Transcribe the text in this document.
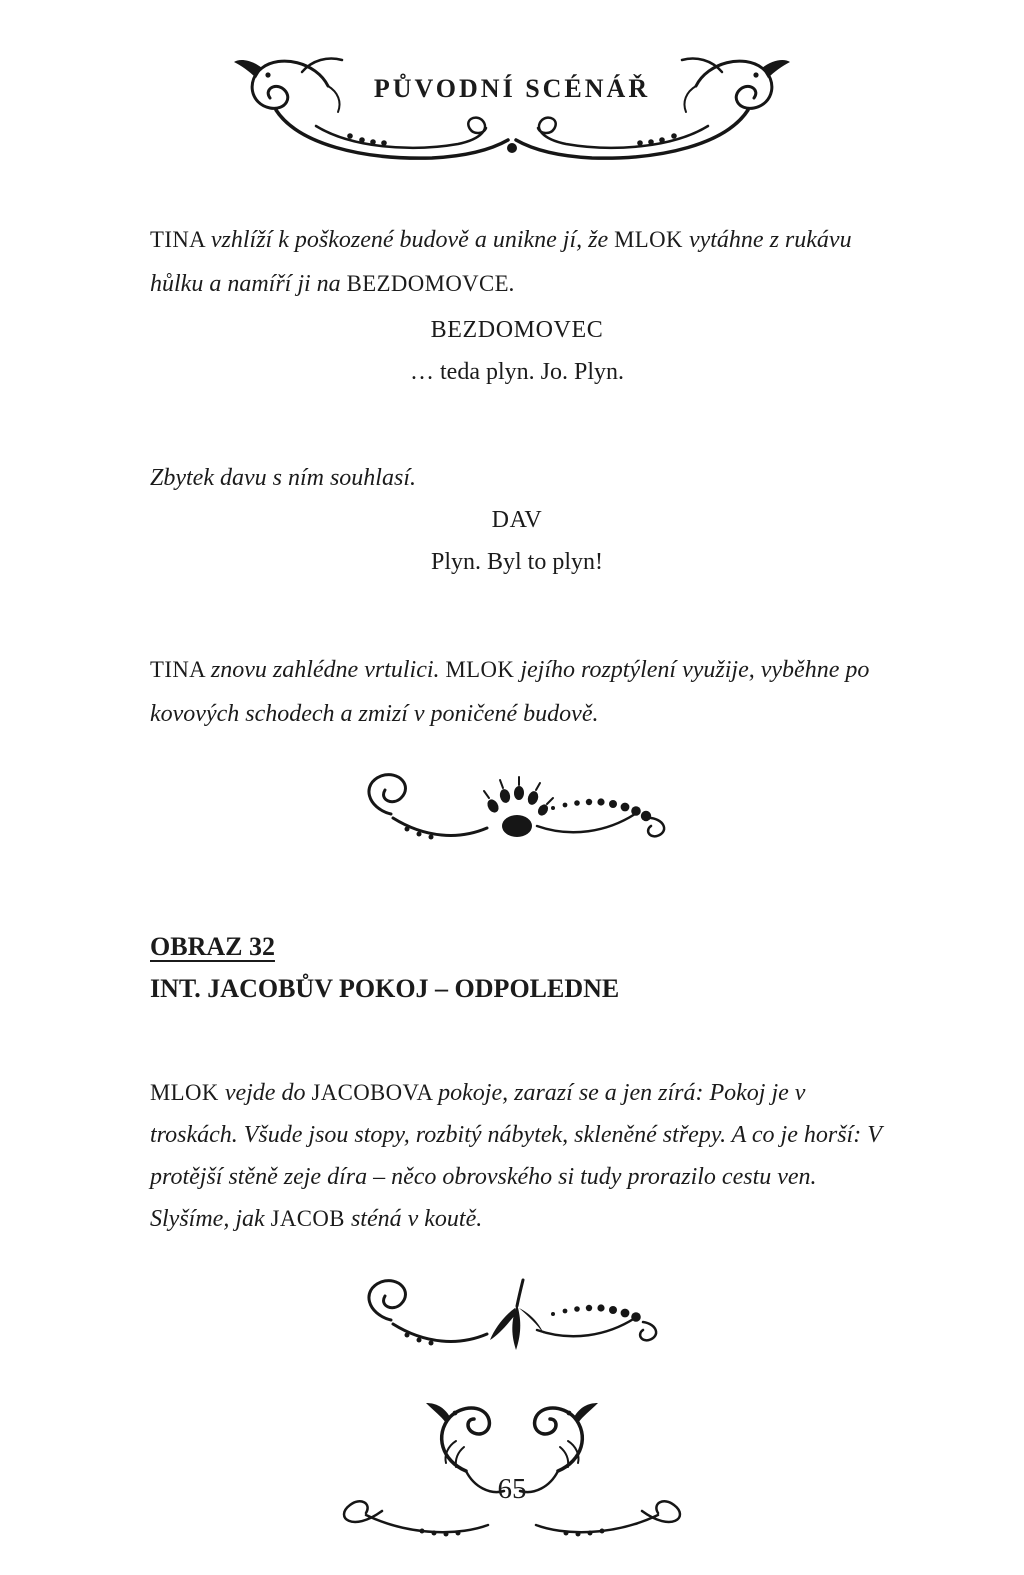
PŮVODNÍ SCÉNÁŘ

TINA vzhlíží k poškozené budově a unikne jí, že MLOK vytáhne z rukávu hůlku a namíří ji na BEZDOMOVCE.

BEZDOMOVEC
… teda plyn. Jo. Plyn.

Zbytek davu s ním souhlasí.

DAV
Plyn. Byl to plyn!

TINA znovu zahlédne vrtulici. MLOK jejího rozptýlení využije, vyběhne po kovových schodech a zmizí v poničené budově.

OBRAZ 32
INT. JACOBŮV POKOJ – ODPOLEDNE

MLOK vejde do JACOBOVA pokoje, zarazí se a jen zírá: Pokoj je v troskách. Všude jsou stopy, rozbitý nábytek, skleněné střepy. A co je horší: V protější stěně zeje díra – něco obrovského si tudy prorazilo cestu ven. Slyšíme, jak JACOB sténá v koutě.

65
